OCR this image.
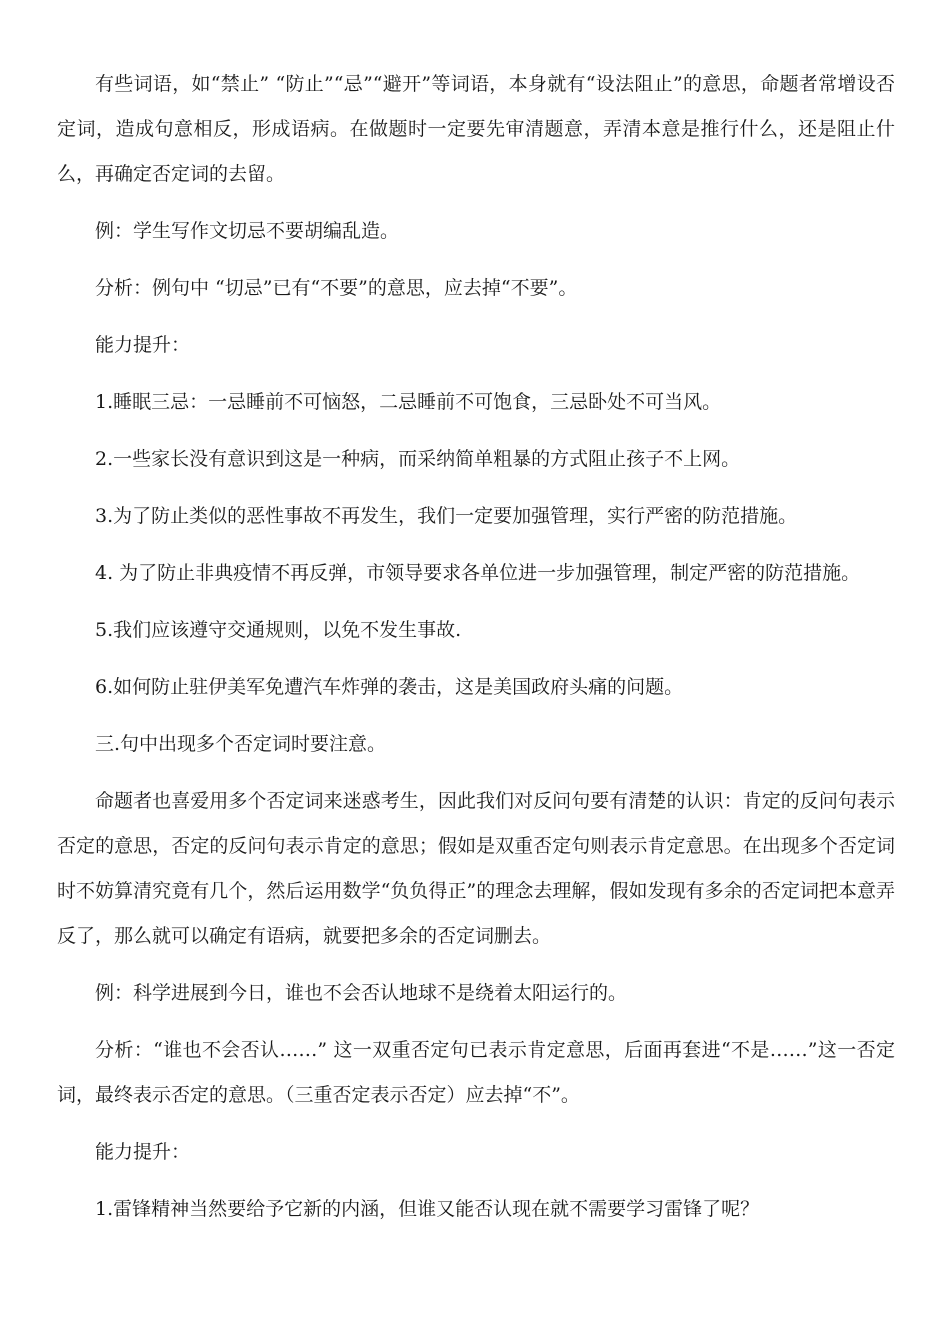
有些词语，如“禁止” “防止”“忌”“避开”等词语，本身就有“设法阻止”的意思，命题者常增设否定词，造成句意相反，形成语病。在做题时一定要先审清题意，弄清本意是推行什么，还是阻止什么，再确定否定词的去留。

例：学生写作文切忌不要胡编乱造。

分析：例句中 “切忌”已有“不要”的意思，应去掉“不要”。

能力提升：

1.睡眠三忌：一忌睡前不可恼怒，二忌睡前不可饱食，三忌卧处不可当风。

2.一些家长没有意识到这是一种病，而采纳简单粗暴的方式阻止孩子不上网。

3.为了防止类似的恶性事故不再发生，我们一定要加强管理，实行严密的防范措施。

4. 为了防止非典疫情不再反弹，市领导要求各单位进一步加强管理，制定严密的防范措施。

5.我们应该遵守交通规则，以免不发生事故.

6.如何防止驻伊美军免遭汽车炸弹的袭击，这是美国政府头痛的问题。

三.句中出现多个否定词时要注意。

命题者也喜爱用多个否定词来迷惑考生，因此我们对反问句要有清楚的认识：肯定的反问句表示否定的意思，否定的反问句表示肯定的意思；假如是双重否定句则表示肯定意思。在出现多个否定词时不妨算清究竟有几个，然后运用数学“负负得正”的理念去理解，假如发现有多余的否定词把本意弄反了，那么就可以确定有语病，就要把多余的否定词删去。

例：科学进展到今日，谁也不会否认地球不是绕着太阳运行的。

分析：“谁也不会否认……” 这一双重否定句已表示肯定意思，后面再套进“不是……”这一否定词，最终表示否定的意思。（三重否定表示否定）应去掉“不”。

能力提升：

1.雷锋精神当然要给予它新的内涵，但谁又能否认现在就不需要学习雷锋了呢？
